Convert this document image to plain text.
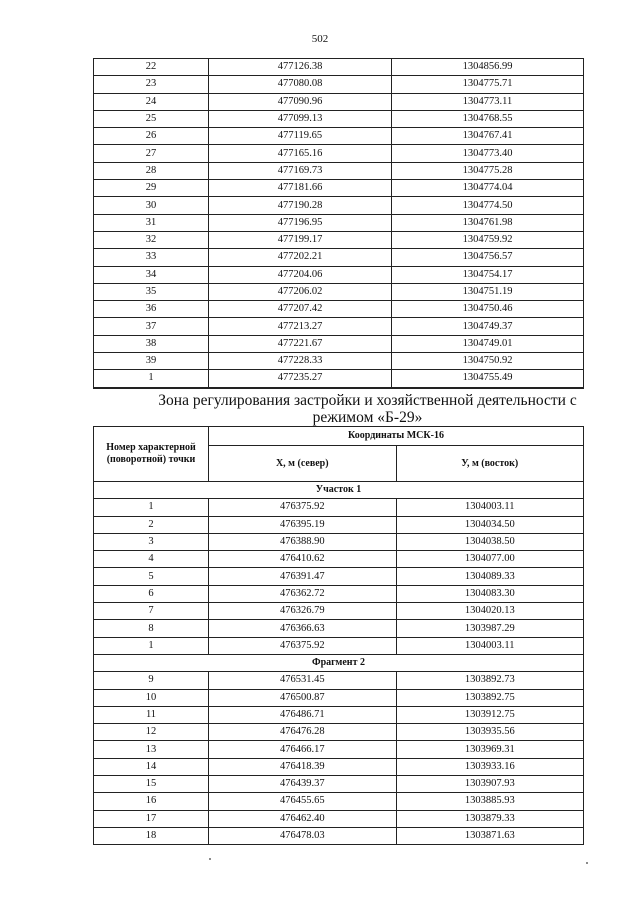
502
22	477126.38	1304856.99
23	477080.08	1304775.71
24	477090.96	1304773.11
25	477099.13	1304768.55
26	477119.65	1304767.41
27	477165.16	1304773.40
28	477169.73	1304775.28
29	477181.66	1304774.04
30	477190.28	1304774.50
31	477196.95	1304761.98
32	477199.17	1304759.92
33	477202.21	1304756.57
34	477204.06	1304754.17
35	477206.02	1304751.19
36	477207.42	1304750.46
37	477213.27	1304749.37
38	477221.67	1304749.01
39	477228.33	1304750.92
1	477235.27	1304755.49
Зона регулирования застройки и хозяйственной деятельности с режимом «Б-29»
Номер характерной (поворотной) точки	Координаты МСК-16	
	Х, м (север)	У, м (восток)
Участок 1		
1	476375.92	1304003.11
2	476395.19	1304034.50
3	476388.90	1304038.50
4	476410.62	1304077.00
5	476391.47	1304089.33
6	476362.72	1304083.30
7	476326.79	1304020.13
8	476366.63	1303987.29
1	476375.92	1304003.11
Фрагмент 2		
9	476531.45	1303892.73
10	476500.87	1303892.75
11	476486.71	1303912.75
12	476476.28	1303935.56
13	476466.17	1303969.31
14	476418.39	1303933.16
15	476439.37	1303907.93
16	476455.65	1303885.93
17	476462.40	1303879.33
18	476478.03	1303871.63
